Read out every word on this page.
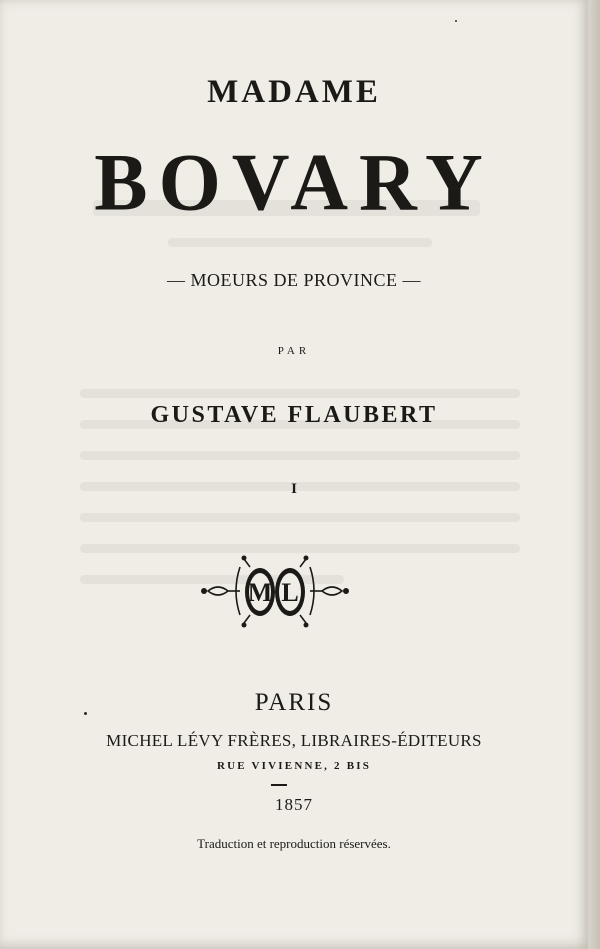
MADAME
BOVARY
— MOEURS DE PROVINCE —
PAR
GUSTAVE FLAUBERT
I
M L
PARIS
MICHEL LÉVY FRÈRES, LIBRAIRES-ÉDITEURS
RUE VIVIENNE, 2 BIS
1857
Traduction et reproduction réservées.
